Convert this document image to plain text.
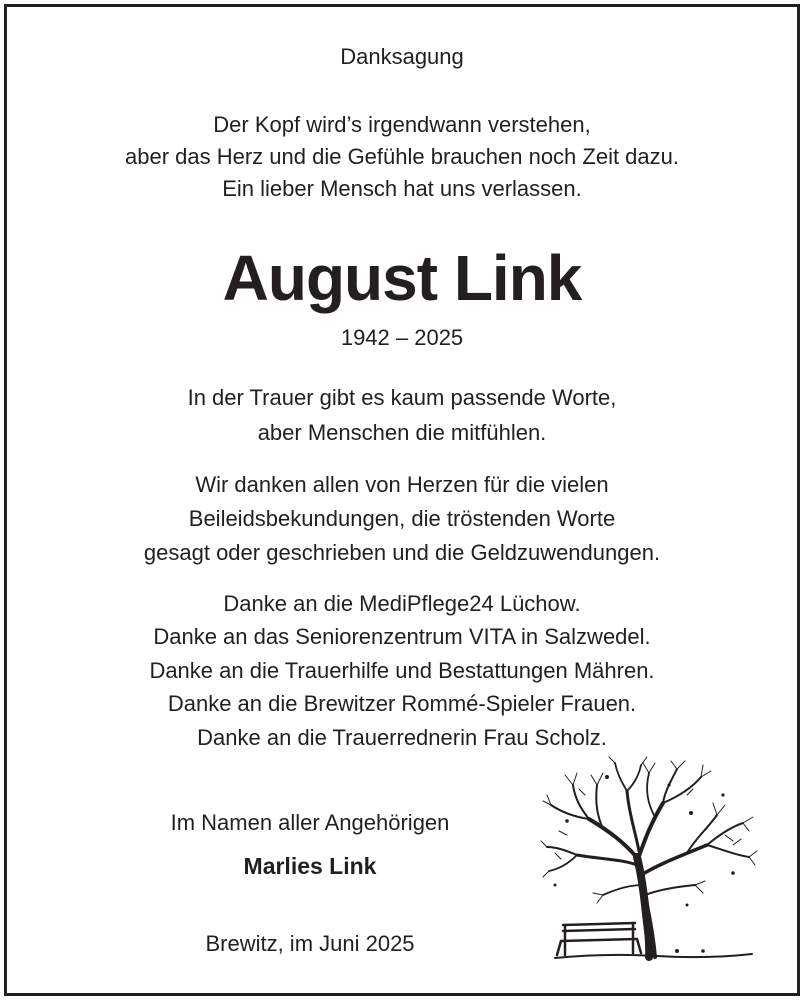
Danksagung
Der Kopf wird’s irgendwann verstehen,
aber das Herz und die Gefühle brauchen noch Zeit dazu.
Ein lieber Mensch hat uns verlassen.
August Link
1942 – 2025
In der Trauer gibt es kaum passende Worte,
aber Menschen die mitfühlen.
Wir danken allen von Herzen für die vielen
Beileidsbekundungen, die tröstenden Worte
gesagt oder geschrieben und die Geldzuwendungen.
Danke an die MediPflege24 Lüchow.
Danke an das Seniorenzentrum VITA in Salzwedel.
Danke an die Trauerhilfe und Bestattungen Mähren.
Danke an die Brewitzer Rommé-Spieler Frauen.
Danke an die Trauerrednerin Frau Scholz.
Im Namen aller Angehörigen
Marlies Link
Brewitz, im Juni 2025
